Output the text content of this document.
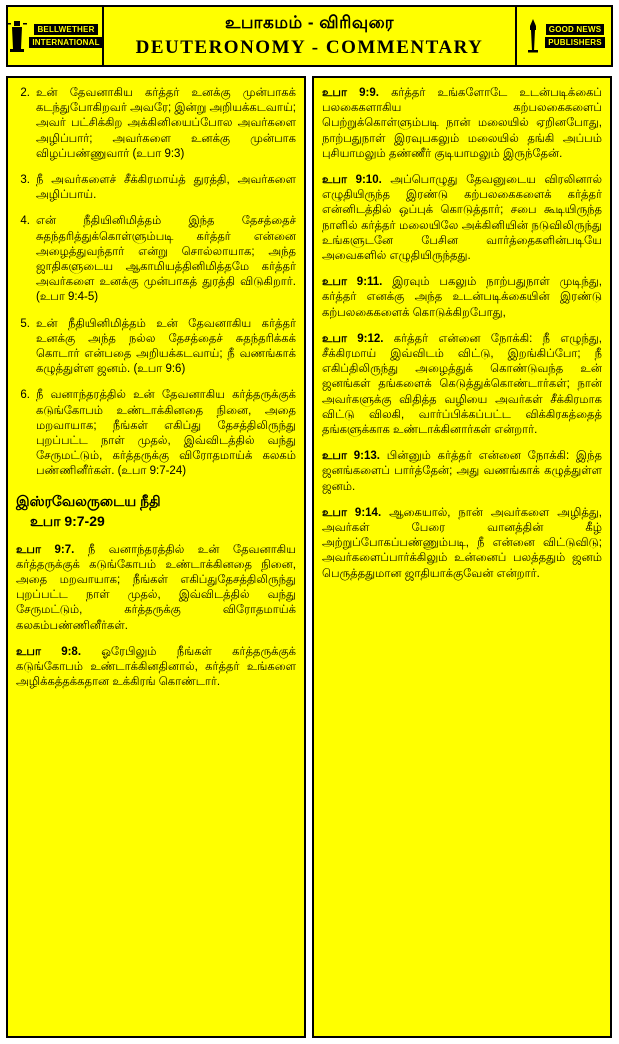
BELLWETHER
INTERNATIONAL
உபாகமம் - விரிவுரை
DEUTERONOMY - COMMENTARY
GOOD NEWS
PUBLISHERS
2. உன் தேவனாகிய கர்த்தர் உனக்கு முன்பாகக் கடந்துபோகிறவர் அவரே; இன்று அறியக்கடவாய்; அவர் பட்சிக்கிற அக்கினியைப்போல அவர்களை அழிப்பார்; அவர்களை உனக்கு முன்பாக விழப்பண்ணுவார் (உபா 9:3)
3. நீ அவர்களைச் சீக்கிரமாய்த் துரத்தி, அவர்களை அழிப்பாய்.
4. என் நீதியினிமித்தம் இந்த தேசத்தைச் சுதந்தரித்துக்கொள்ளும்படி கர்த்தர் என்னை அழைத்துவந்தார் என்று சொல்லாயாக; அந்த ஜாதிகளுடைய ஆகாமியத்தினிமித்தமே கர்த்தர் அவர்களை உனக்கு முன்பாகத் துரத்தி விடுகிறார். (உபா 9:4-5)
5. உன் நீதியினிமித்தம் உன் தேவனாகிய கர்த்தர் உனக்கு அந்த நல்ல தேசத்தைச் சுதந்தரிக்கக் கொடார் என்பதை அறியக்கடவாய்; நீ வணங்காக் கழுத்துள்ள ஜனம். (உபா 9:6)
6. நீ வனாந்தரத்தில் உன் தேவனாகிய கர்த்தருக்குக் கடுங்கோபம் உண்டாக்கினதை நினை, அதை மறவாயாக; நீங்கள் எகிப்து தேசத்திலிருந்து புறப்பட்ட நாள் முதல், இவ்விடத்தில் வந்து சேருமட்டும், கர்த்தருக்கு விரோதமாய்க் கலகம் பண்ணினீர்கள். (உபா 9:7-24)
இஸ்ரவேலருடைய நீதி
உபா 9:7-29
உபா 9:7. நீ வனாந்தரத்தில் உன் தேவனாகிய கர்த்தருக்குக் கடுங்கோபம் உண்டாக்கினதை நினை, அதை மறவாயாக; நீங்கள் எகிப்துதேசத்திலிருந்து புறப்பட்ட நாள் முதல், இவ்விடத்தில் வந்து சேருமட்டும், கர்த்தருக்கு விரோதமாய்க் கலகம்பண்ணினீர்கள்.
உபா 9:8. ஓரேபிலும் நீங்கள் கர்த்தருக்குக் கடுங்கோபம் உண்டாக்கினதினால், கர்த்தர் உங்களை அழிக்கத்தக்கதான உக்கிரங் கொண்டார்.
உபா 9:9. கர்த்தர் உங்களோடே உடன்படிக்கைப் பலகைகளாகிய கற்பலகைகளைப் பெற்றுக்கொள்ளும்படி நான் மலையில் ஏறினபோது, நாற்பதுநாள் இரவுபகலும் மலையில் தங்கி அப்பம் புசியாமலும் தண்ணீர் குடியாமலும் இருந்தேன்.
உபா 9:10. அப்பொழுது தேவனுடைய விரலினால் எழுதியிருந்த இரண்டு கற்பலகைகளைக் கர்த்தர் என்னிடத்தில் ஒப்புக் கொடுத்தார்; சபை கூடியிருந்த நாளில் கர்த்தர் மலையிலே அக்கினியின் நடுவிலிருந்து உங்களுடனே பேசின வார்த்தைகளின்படியே அவைகளில் எழுதியிருந்தது.
உபா 9:11. இரவும் பகலும் நாற்பதுநாள் முடிந்து, கர்த்தர் எனக்கு அந்த உடன்படிக்கையின் இரண்டு கற்பலகைகளைக் கொடுக்கிறபோது,
உபா 9:12. கர்த்தர் என்னை நோக்கி: நீ எழுந்து, சீக்கிரமாய் இவ்விடம் விட்டு, இறங்கிப்போ; நீ எகிப்திலிருந்து அழைத்துக் கொண்டுவந்த உன் ஜனங்கள் தங்களைக் கெடுத்துக்கொண்டார்கள்; நான் அவர்களுக்கு விதித்த வழியை அவர்கள் சீக்கிரமாக விட்டு விலகி, வார்ப்பிக்கப்பட்ட விக்கிரகத்தைத் தங்களுக்காக உண்டாக்கினார்கள் என்றார்.
உபா 9:13. பின்னும் கர்த்தர் என்னை நோக்கி: இந்த ஜனங்களைப் பார்த்தேன்; அது வணங்காக் கழுத்துள்ள ஜனம்.
உபா 9:14. ஆகையால், நான் அவர்களை அழித்து, அவர்கள் பேரை வானத்தின் கீழ் அற்றுப்போகப்பண்ணும்படி, நீ என்னை விட்டுவிடு; அவர்களைப்பார்க்கிலும் உன்னைப் பலத்ததும் ஜனம் பெருத்ததுமான ஜாதியாக்குவேன் என்றார்.
